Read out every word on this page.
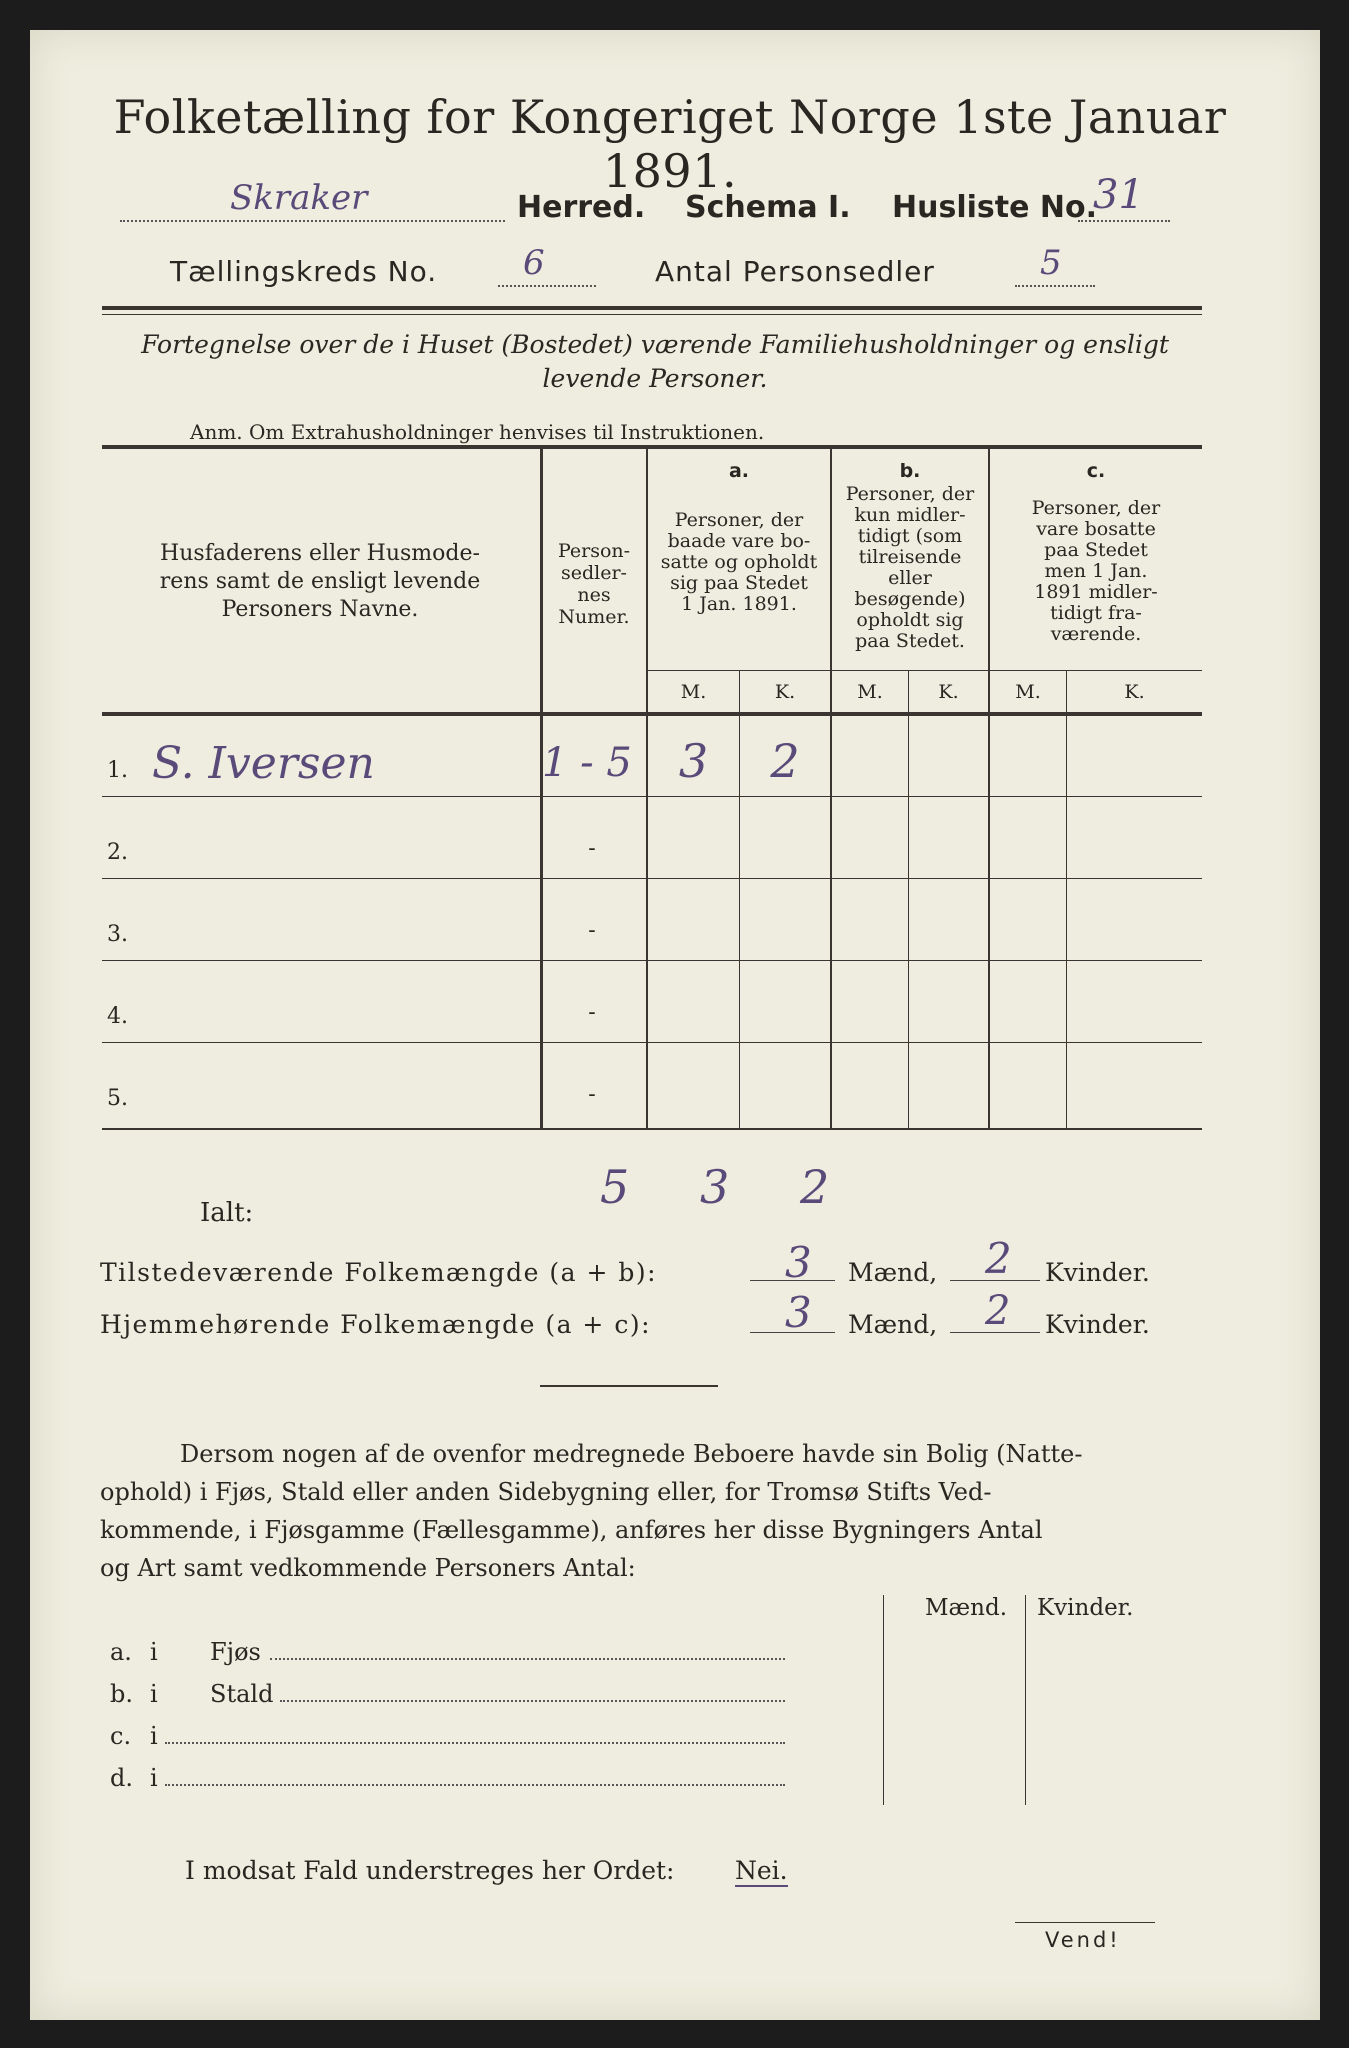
Folketælling for Kongeriget Norge 1ste Januar 1891.
Skraker	Herred. Schema I. Husliste No.
31
Tællingskreds No.	6	Antal Personsedler	5
Fortegnelse over de i Huset (Bostedet) værende Familiehusholdninger og ensligt
levende Personer.
Anm. Om Extrahusholdninger henvises til Instruktionen.
Husfaderens eller Husmode-
rens samt de ensligt levende
Personers Navne.
Person-
sedler-
nes
Numer.
a.
Personer, der
baade vare bo-
satte og opholdt
sig paa Stedet
1 Jan. 1891.
b.
Personer, der
kun midler-
tidigt (som
tilreisende
eller
besøgende)
opholdt sig
paa Stedet.
c.
Personer, der
vare bosatte
paa Stedet
men 1 Jan.
1891 midler-
tidigt fra-
værende.
M.	K.	M.	K.	M.	K.
1. S. Iversen	1 - 5	3	2
2.	-
3.	-
4.	-
5.	-
Ialt:	5 3 2
Tilstedeværende Folkemængde (a + b):	3 Mænd, 2 Kvinder.
Hjemmehørende Folkemængde (a + c):	3 Mænd, 2 Kvinder.
Dersom nogen af de ovenfor medregnede Beboere havde sin Bolig (Natte-
ophold) i Fjøs, Stald eller anden Sidebygning eller, for Tromsø Stifts Ved-
kommende, i Fjøsgamme (Fællesgamme), anføres her disse Bygningers Antal
og Art samt vedkommende Personers Antal:
Mænd. Kvinder.
a. i Fjøs
b. i Stald
c. i
d. i
I modsat Fald understreges her Ordet: Nei.
Vend!
